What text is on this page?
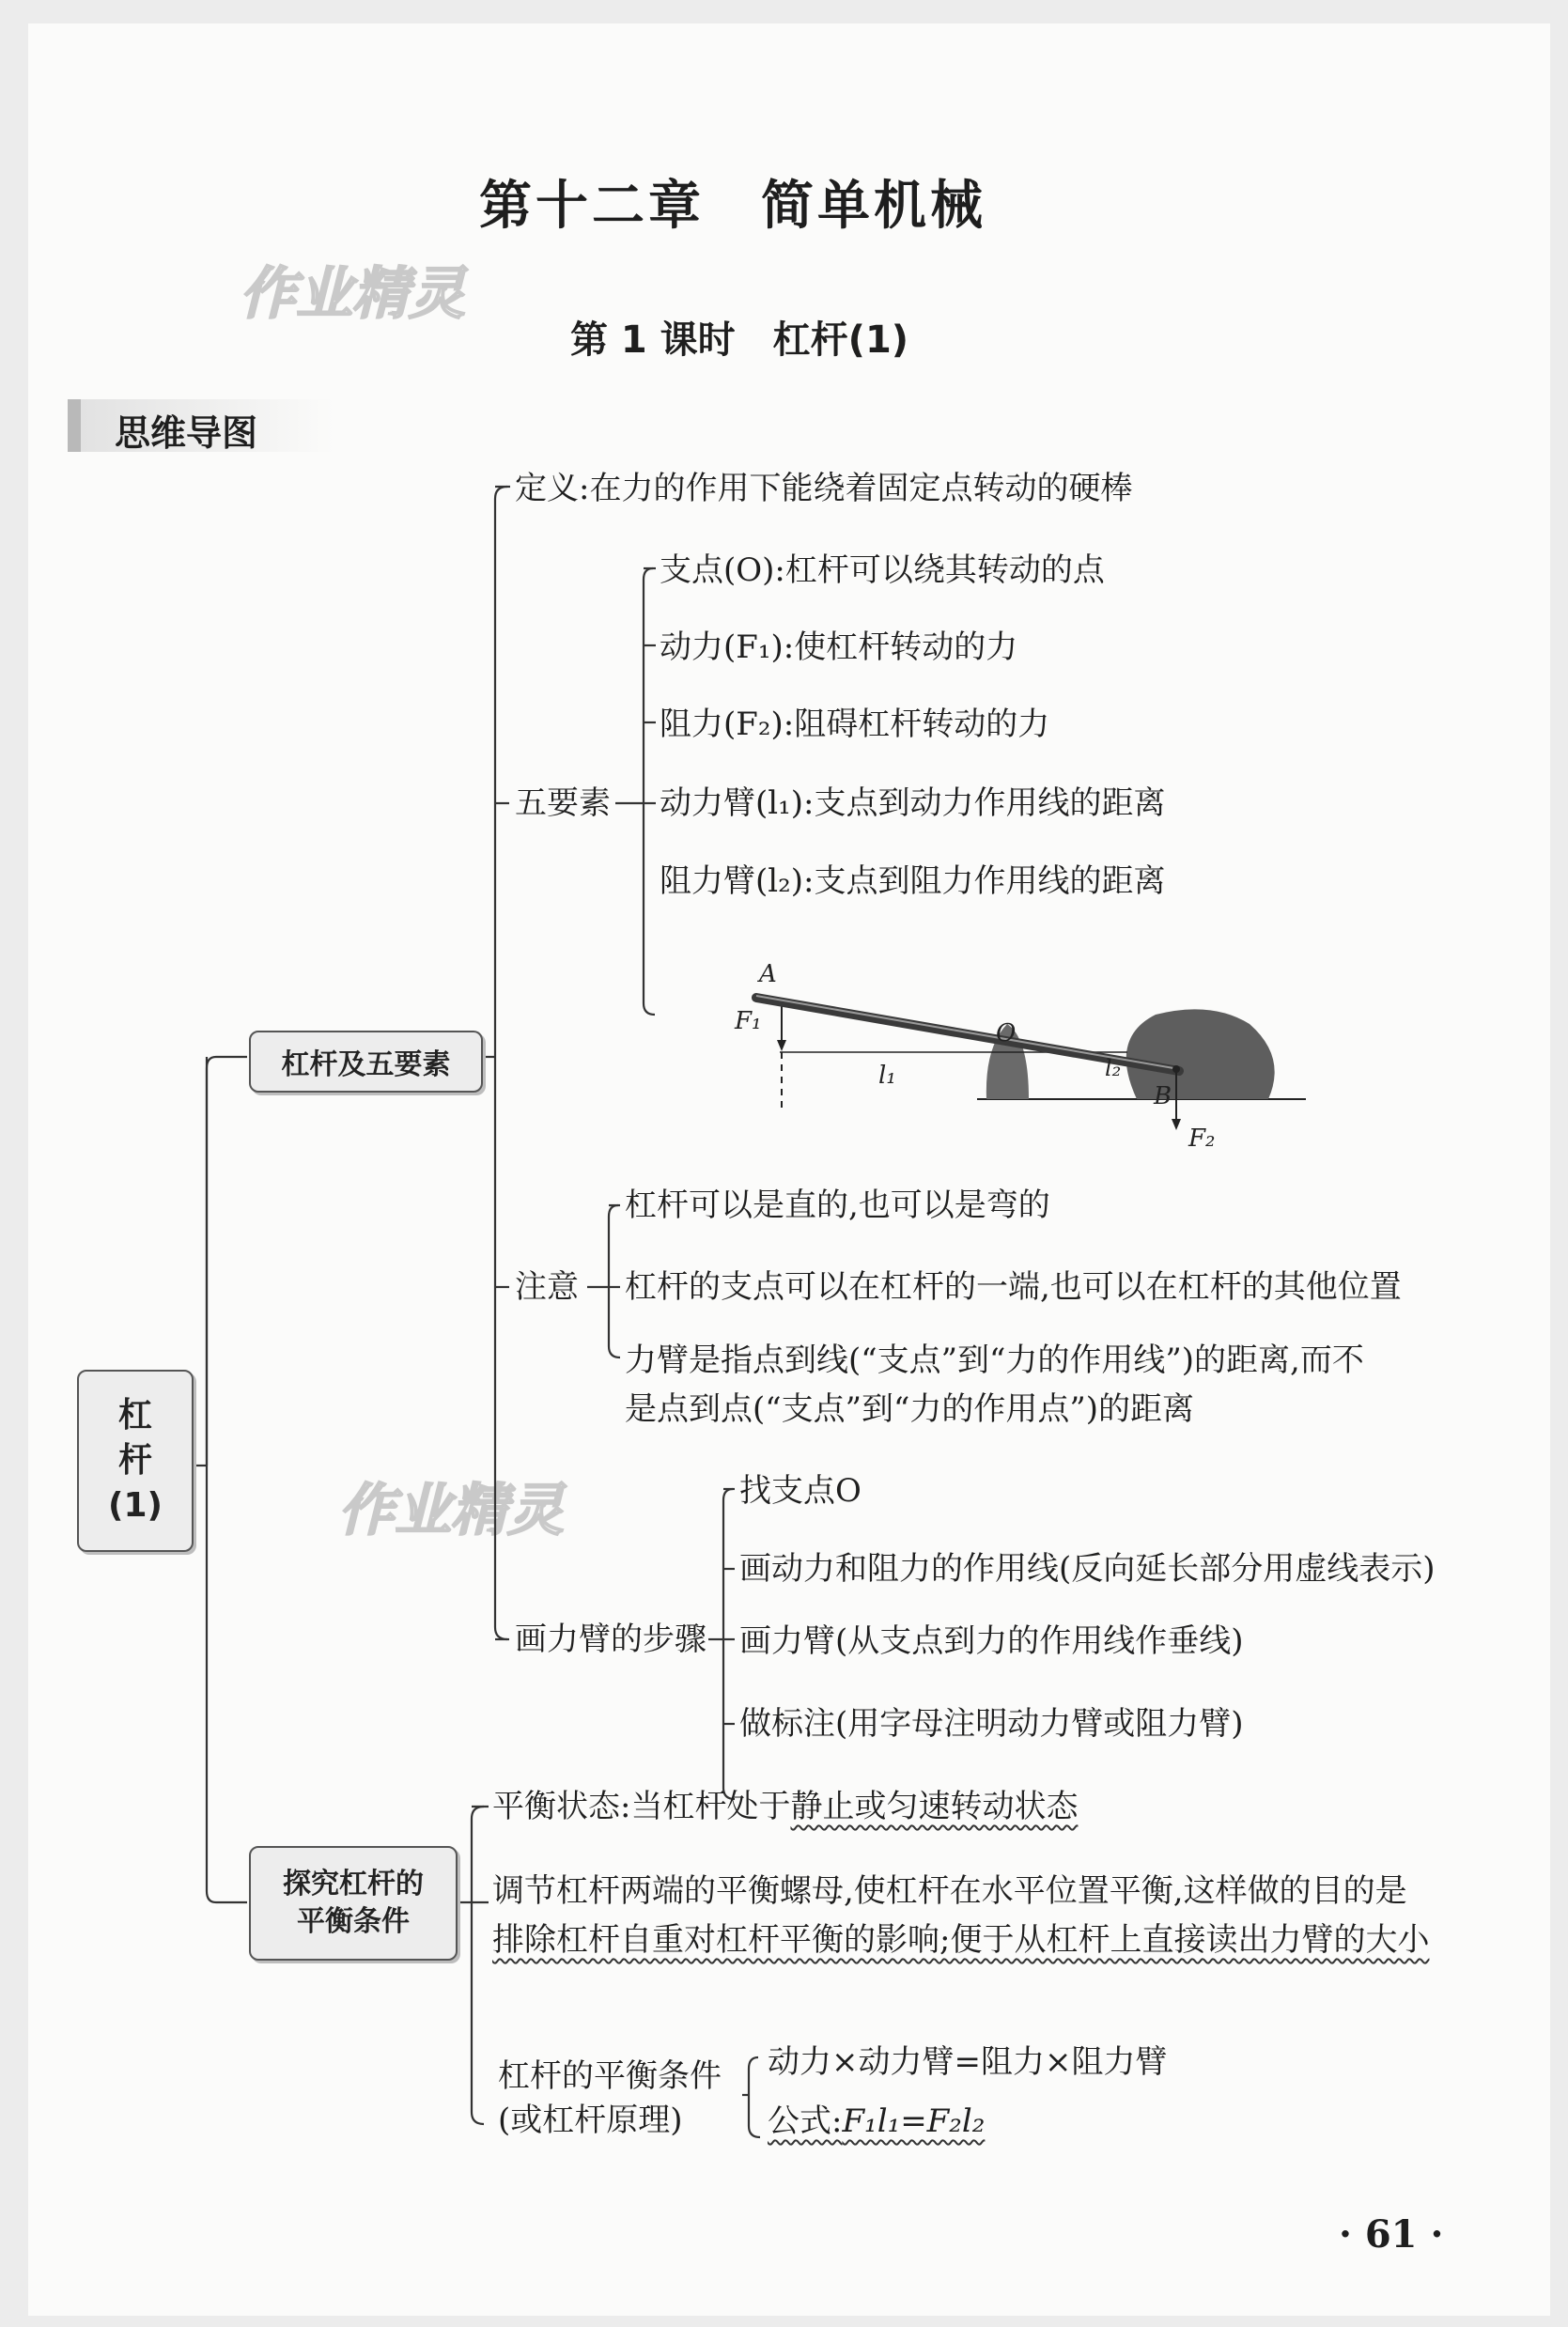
作业精灵
作业精灵
第十二章　简单机械
第 1 课时　杠杆(1)
思维导图
杠
杆
(1)
杠杆及五要素
探究杠杆的
平衡条件
定义:在力的作用下能绕着固定点转动的硬棒
五要素
支点(O):杠杆可以绕其转动的点
动力(F₁):使杠杆转动的力
阻力(F₂):阻碍杠杆转动的力
动力臂(l₁):支点到动力作用线的距离
阻力臂(l₂):支点到阻力作用线的距离
A
F₁	O
l₁	l₂
B
F₂
注意
杠杆可以是直的,也可以是弯的
杠杆的支点可以在杠杆的一端,也可以在杠杆的其他位置
力臂是指点到线(“支点”到“力的作用线”)的距离,而不
是点到点(“支点”到“力的作用点”)的距离
画力臂的步骤
找支点O
画动力和阻力的作用线(反向延长部分用虚线表示)
画力臂(从支点到力的作用线作垂线)
做标注(用字母注明动力臂或阻力臂)
平衡状态:当杠杆处于静止或匀速转动状态
调节杠杆两端的平衡螺母,使杠杆在水平位置平衡,这样做的目的是
排除杠杆自重对杠杆平衡的影响;便于从杠杆上直接读出力臂的大小
杠杆的平衡条件
(或杠杆原理)
动力×动力臂=阻力×阻力臂
公式:F₁l₁=F₂l₂
· 61 ·
